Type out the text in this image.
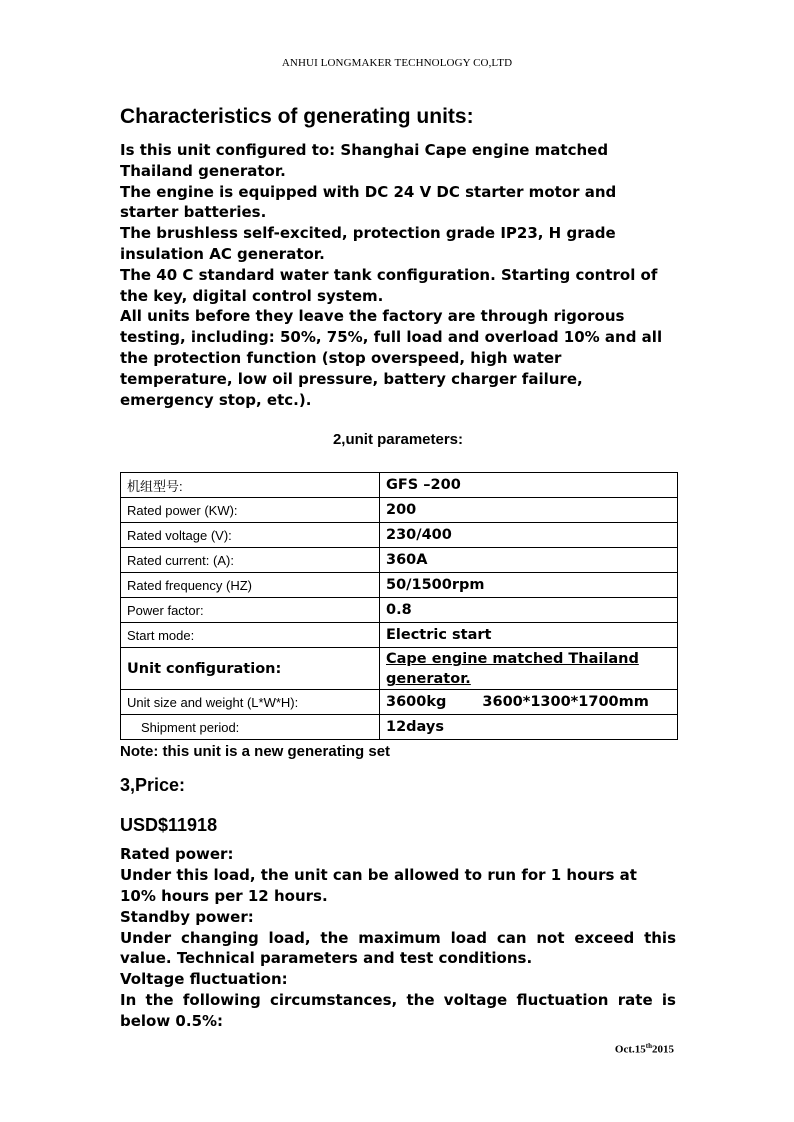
ANHUI LONGMAKER TECHNOLOGY CO,LTD
Characteristics of generating units:

Is this unit configured to: Shanghai Cape engine matched Thailand generator.

The engine is equipped with DC 24 V DC starter motor and starter batteries.

The brushless self-excited, protection grade IP23, H grade insulation AC generator.

The 40 C standard water tank configuration. Starting control of the key, digital control system.

All units before they leave the factory are through rigorous testing, including: 50%, 75%, full load and overload 10% and all the protection function (stop overspeed, high water temperature, low oil pressure, battery charger failure, emergency stop, etc.).

2,unit parameters:
机组型号:	GFS –200
Rated power (KW):	200
Rated voltage (V):	230/400
Rated current: (A):	360A
Rated frequency (HZ)	50/1500rpm
Power factor:	0.8
Start mode:	Electric start
Unit configuration:	Cape engine matched Thailand generator.
Unit size and weight (L*W*H):	3600kg 3600*1300*1700mm
Shipment period:	12days
Note: this unit is a new generating set
3,Price:
USD$11918

Rated power:

Under this load, the unit can be allowed to run for 1 hours at 10% hours per 12 hours.

Standby power:

Under changing load, the maximum load can not exceed this value. Technical parameters and test conditions.

Voltage fluctuation:

In the following circumstances, the voltage fluctuation rate is below 0.5%:

Oct.15th2015
